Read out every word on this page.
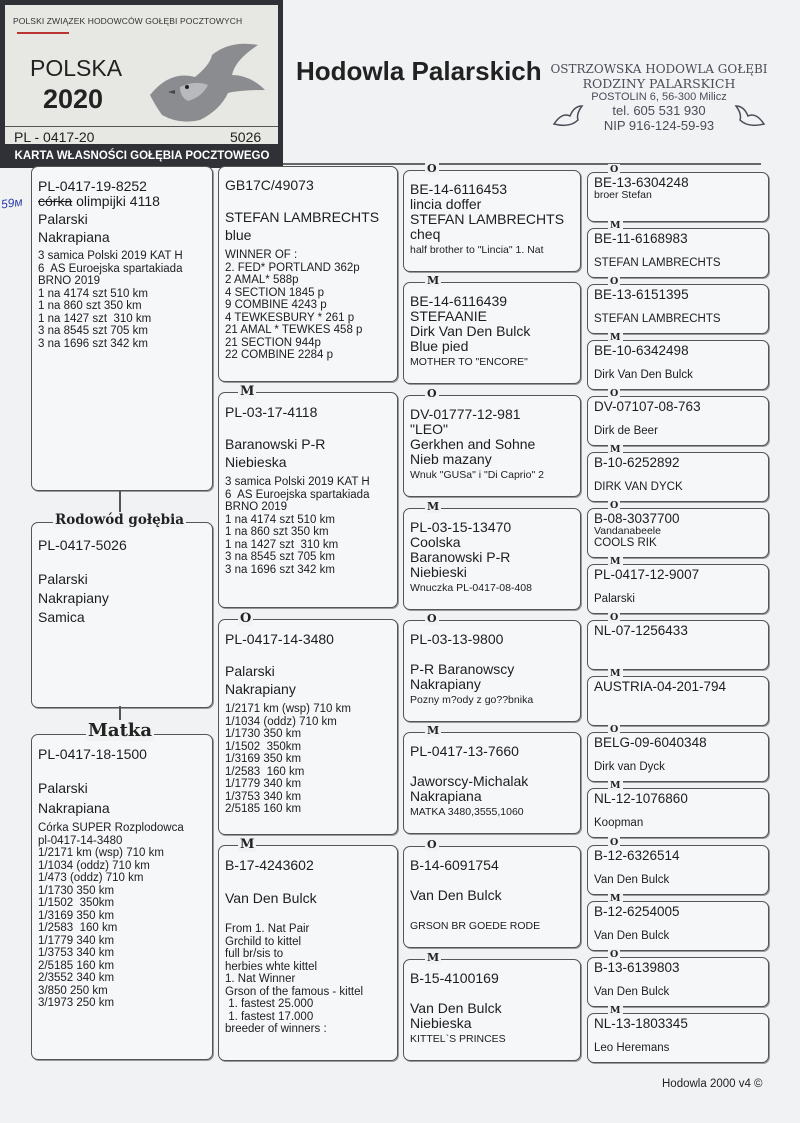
POLSKI ZWIĄZEK HODOWCÓW GOŁĘBI POCZTOWYCH
POLSKA
2020
PL - 0417-20	5026
KARTA WŁASNOŚCI GOŁĘBIA POCZTOWEGO
Hodowla Palarskich OSTRZOWSKA HODOWLA GOŁĘBI
RODZINY PALARSKICH
POSTOLIN 6, 56-300 Milicz
tel. 605 531 930
NIP 916-124-59-93
59м
PL-0417-19-8252
córka olimpijki 4118
Palarski
Nakrapiana
3 samica Polski 2019 KAT H
6  AS Euroejska spartakiada
BRNO 2019
1 na 4174 szt 510 km
1 na 860 szt 350 km
1 na 1427 szt  310 km
3 na 8545 szt 705 km
3 na 1696 szt 342 km
PL-0417-5026
Palarski
Nakrapiany
Samica
Rodowód gołębia
PL-0417-18-1500
Palarski
Nakrapiana
Córka SUPER Rozplodowca
pl-0417-14-3480
1/2171 km (wsp) 710 km
1/1034 (oddz) 710 km
1/473 (oddz) 710 km
1/1730 350 km
1/1502  350km
1/3169 350 km
1/2583  160 km
1/1779 340 km
1/3753 340 km
2/5185 160 km
2/3552 340 km
3/850 250 km
3/1973 250 km
Matka
GB17C/49073
STEFAN LAMBRECHTS
blue
WINNER OF :
2. FED* PORTLAND 362p
2 AMAL* 588p
4 SECTION 1845 p
9 COMBINE 4243 p
4 TEWKESBURY * 261 p
21 AMAL * TEWKES 458 p
21 SECTION 944p
22 COMBINE 2284 p
PL-03-17-4118
Baranowski P-R
Niebieska
3 samica Polski 2019 KAT H
6  AS Euroejska spartakiada
BRNO 2019
1 na 4174 szt 510 km
1 na 860 szt 350 km
1 na 1427 szt  310 km
3 na 8545 szt 705 km
3 na 1696 szt 342 km
M
PL-0417-14-3480
Palarski
Nakrapiany
1/2171 km (wsp) 710 km
1/1034 (oddz) 710 km
1/1730 350 km
1/1502  350km
1/3169 350 km
1/2583  160 km
1/1779 340 km
1/3753 340 km
2/5185 160 km
O
B-17-4243602
Van Den Bulck
From 1. Nat Pair
Grchild to kittel
full br/sis to
herbies whte kittel
1. Nat Winner
Grson of the famous - kittel
1. fastest 25.000
1. fastest 17.000
breeder of winners :
M
BE-14-6116453
lincia doffer
STEFAN LAMBRECHTS
cheq
half brother to "Lincia" 1. Nat
O
BE-14-6116439
STEFAANIE
Dirk Van Den Bulck
Blue pied
MOTHER TO "ENCORE"
M
DV-01777-12-981
"LEO"
Gerkhen and Sohne
Nieb mazany
Wnuk "GUSa" i "Di Caprio" 2
O
PL-03-15-13470
Coolska
Baranowski P-R
Niebieski
Wnuczka PL-0417-08-408
M
PL-03-13-9800
P-R Baranowscy
Nakrapiany
Pozny m?ody z go??bnika
O
PL-0417-13-7660
Jaworscy-Michalak
Nakrapiana
MATKA 3480,3555,1060
M
B-14-6091754
Van Den Bulck
GRSON BR GOEDE RODE
O
B-15-4100169
Van Den Bulck
Niebieska
KITTEL`S PRINCES
M
BE-13-6304248
broer Stefan
O
BE-11-6168983
STEFAN LAMBRECHTS
M
BE-13-6151395
STEFAN LAMBRECHTS
O
BE-10-6342498
Dirk Van Den Bulck
M
DV-07107-08-763
Dirk de Beer
O
B-10-6252892
DIRK VAN DYCK
M
B-08-3037700
Vandanabeele
COOLS RIK
O
PL-0417-12-9007
Palarski
M
NL-07-1256433
O
AUSTRIA-04-201-794
M
BELG-09-6040348
Dirk van Dyck
O
NL-12-1076860
Koopman
M
B-12-6326514
Van Den Bulck
O
B-12-6254005
Van Den Bulck
M
B-13-6139803
Van Den Bulck
O
NL-13-1803345
Leo Heremans
M
Hodowla 2000 v4 ©
